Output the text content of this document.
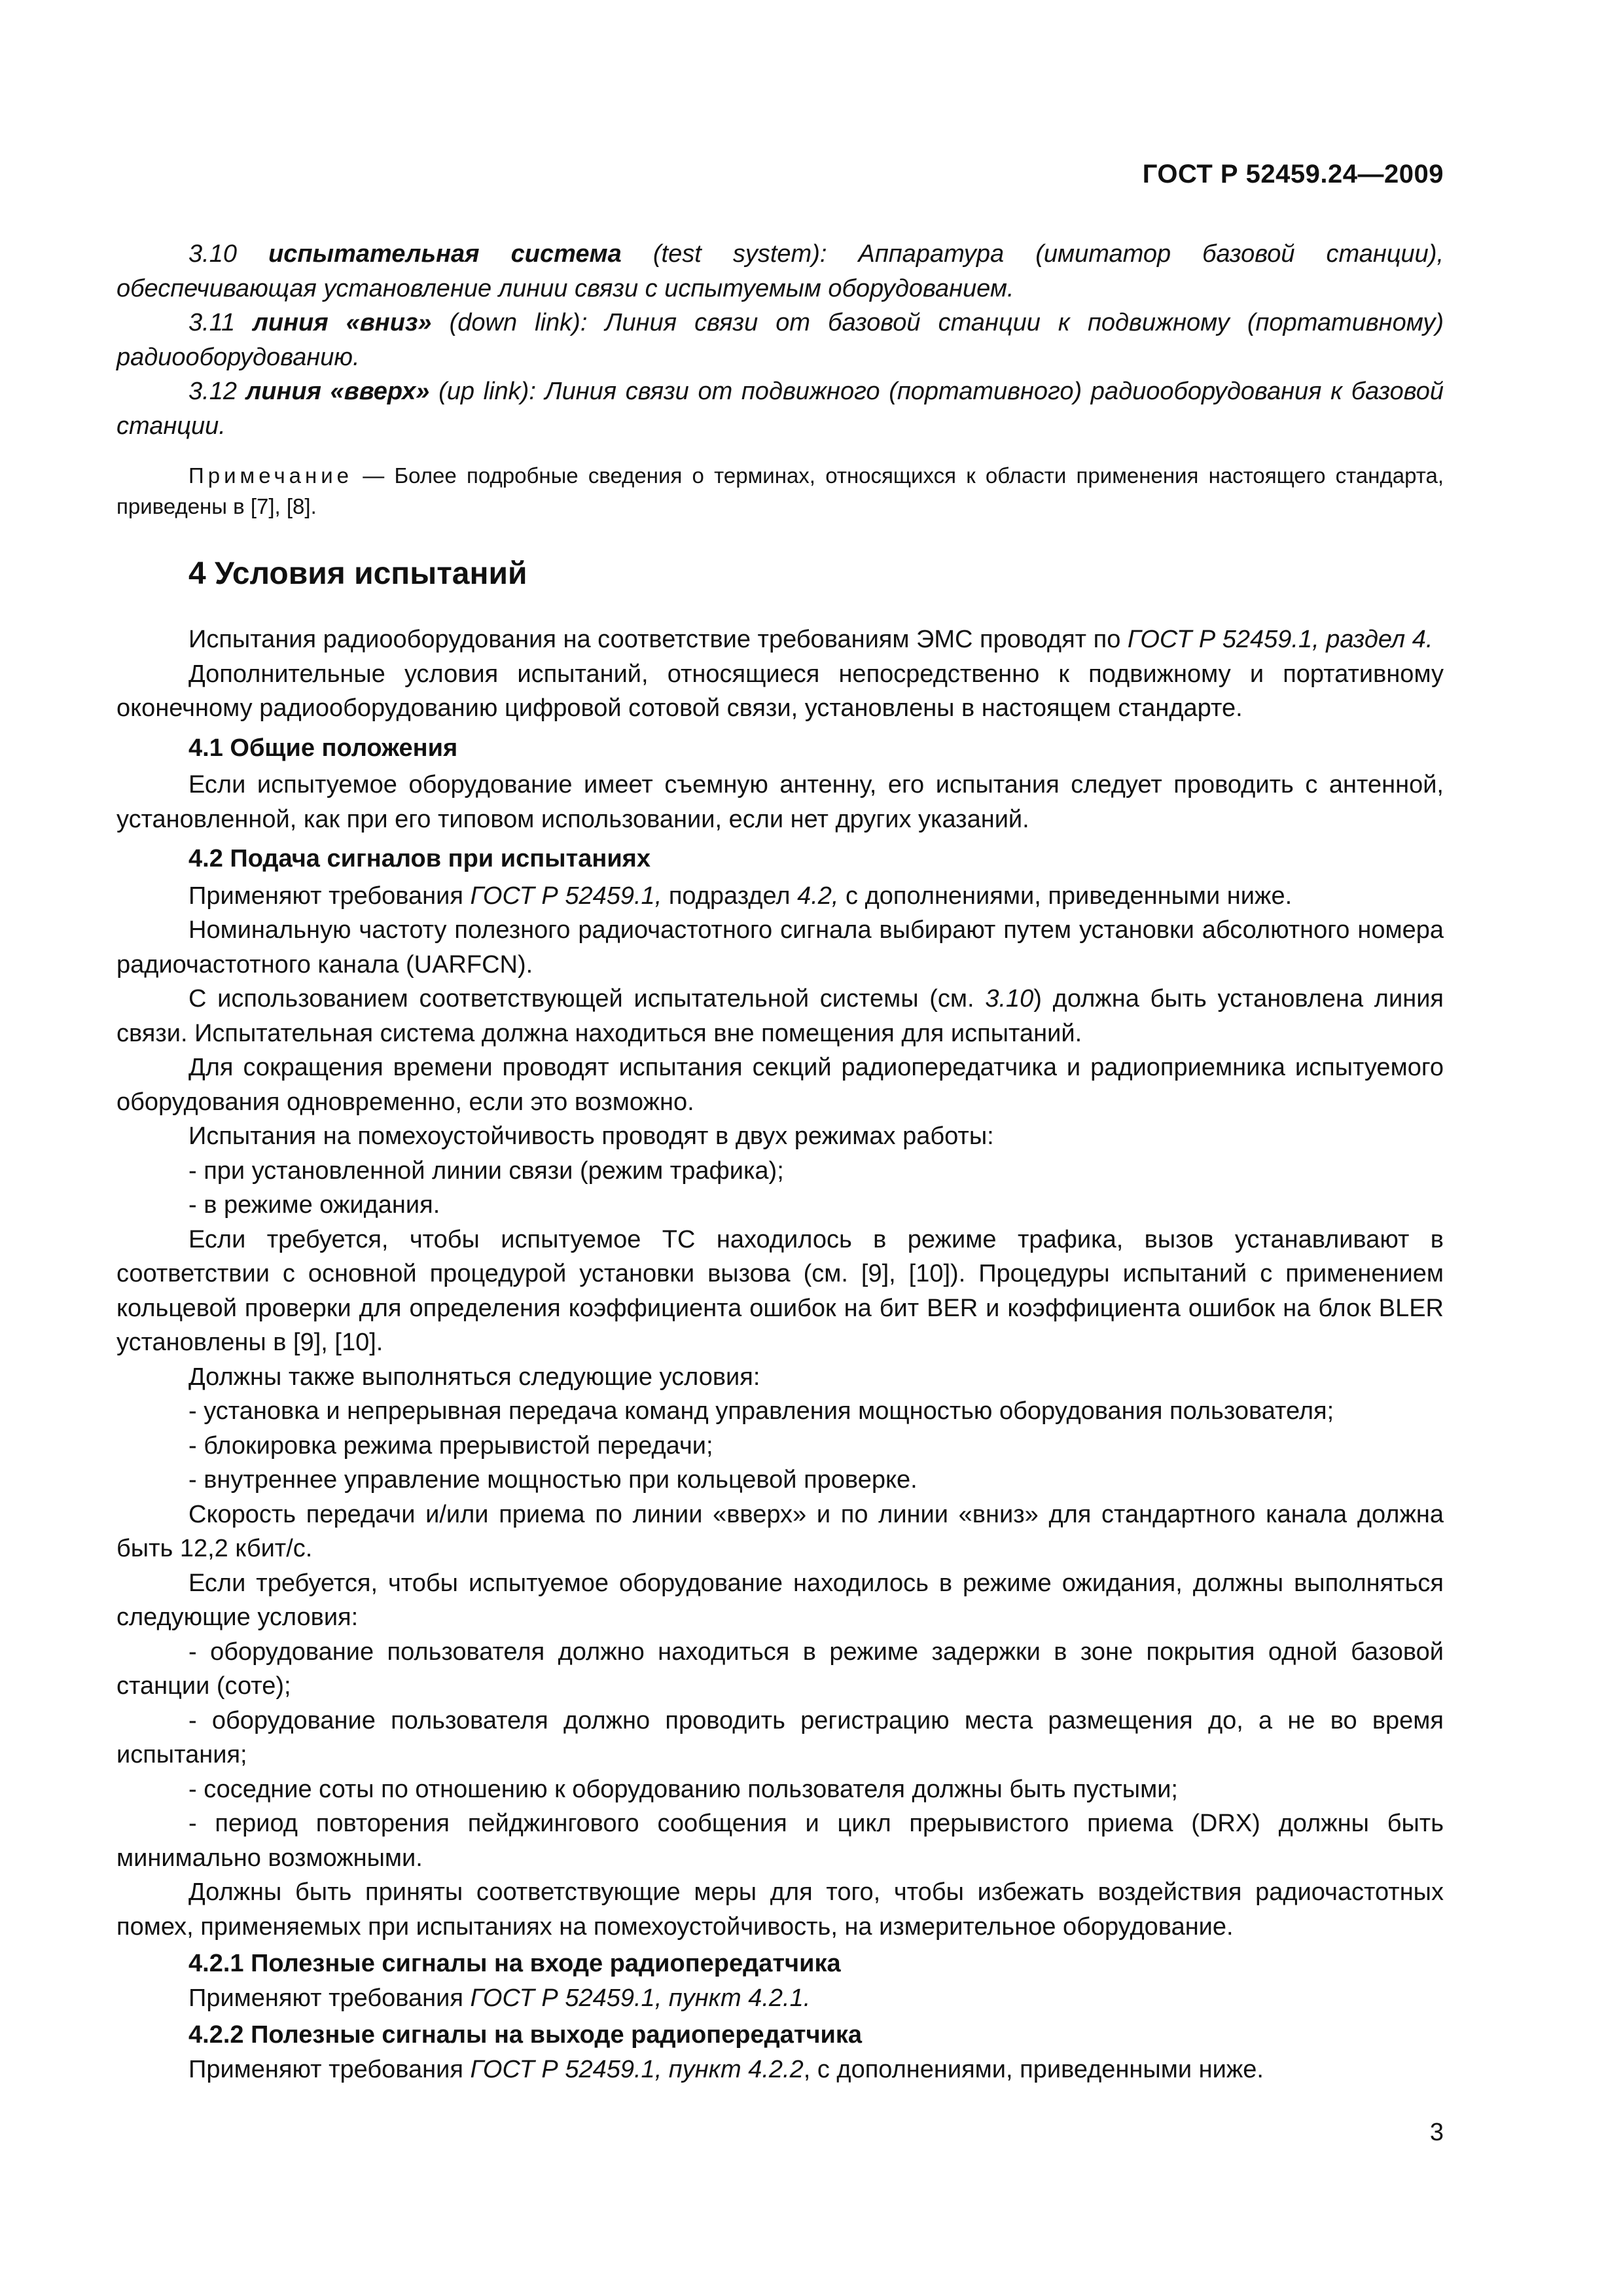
ГОСТ Р 52459.24—2009

3.10 испытательная система (test system): Аппаратура (имитатор базовой станции), обеспечивающая установление линии связи с испытуемым оборудованием.

3.11 линия «вниз» (down link): Линия связи от базовой станции к подвижному (портативному) радиооборудованию.

3.12 линия «вверх» (up link): Линия связи от подвижного (портативного) радиооборудования к базовой станции.

Примечание — Более подробные сведения о терминах, относящихся к области применения настоящего стандарта, приведены в [7], [8].

4 Условия испытаний

Испытания радиооборудования на соответствие требованиям ЭМС проводят по ГОСТ Р 52459.1, раздел 4.

Дополнительные условия испытаний, относящиеся непосредственно к подвижному и портативному оконечному радиооборудованию цифровой сотовой связи, установлены в настоящем стандарте.

4.1 Общие положения

Если испытуемое оборудование имеет съемную антенну, его испытания следует проводить с антенной, установленной, как при его типовом использовании, если нет других указаний.

4.2 Подача сигналов при испытаниях

Применяют требования ГОСТ Р 52459.1, подраздел 4.2, с дополнениями, приведенными ниже.

Номинальную частоту полезного радиочастотного сигнала выбирают путем установки абсолютного номера радиочастотного канала (UARFCN).

С использованием соответствующей испытательной системы (см. 3.10) должна быть установлена линия связи. Испытательная система должна находиться вне помещения для испытаний.

Для сокращения времени проводят испытания секций радиопередатчика и радиоприемника испытуемого оборудования одновременно, если это возможно.

Испытания на помехоустойчивость проводят в двух режимах работы:

- при установленной линии связи (режим трафика);

- в режиме ожидания.

Если требуется, чтобы испытуемое ТС находилось в режиме трафика, вызов устанавливают в соответствии с основной процедурой установки вызова (см. [9], [10]). Процедуры испытаний с применением кольцевой проверки для определения коэффициента ошибок на бит BER и коэффициента ошибок на блок BLER установлены в [9], [10].

Должны также выполняться следующие условия:

- установка и непрерывная передача команд управления мощностью оборудования пользователя;

- блокировка режима прерывистой передачи;

- внутреннее управление мощностью при кольцевой проверке.

Скорость передачи и/или приема по линии «вверх» и по линии «вниз» для стандартного канала должна быть 12,2 кбит/с.

Если требуется, чтобы испытуемое оборудование находилось в режиме ожидания, должны выполняться следующие условия:

- оборудование пользователя должно находиться в режиме задержки в зоне покрытия одной базовой станции (соте);

- оборудование пользователя должно проводить регистрацию места размещения до, а не во время испытания;

- соседние соты по отношению к оборудованию пользователя должны быть пустыми;

- период повторения пейджингового сообщения и цикл прерывистого приема (DRX) должны быть минимально возможными.

Должны быть приняты соответствующие меры для того, чтобы избежать воздействия радиочастотных помех, применяемых при испытаниях на помехоустойчивость, на измерительное оборудование.

4.2.1 Полезные сигналы на входе радиопередатчика

Применяют требования ГОСТ Р 52459.1, пункт 4.2.1.

4.2.2 Полезные сигналы на выходе радиопередатчика

Применяют требования ГОСТ Р 52459.1, пункт 4.2.2, с дополнениями, приведенными ниже.

3
